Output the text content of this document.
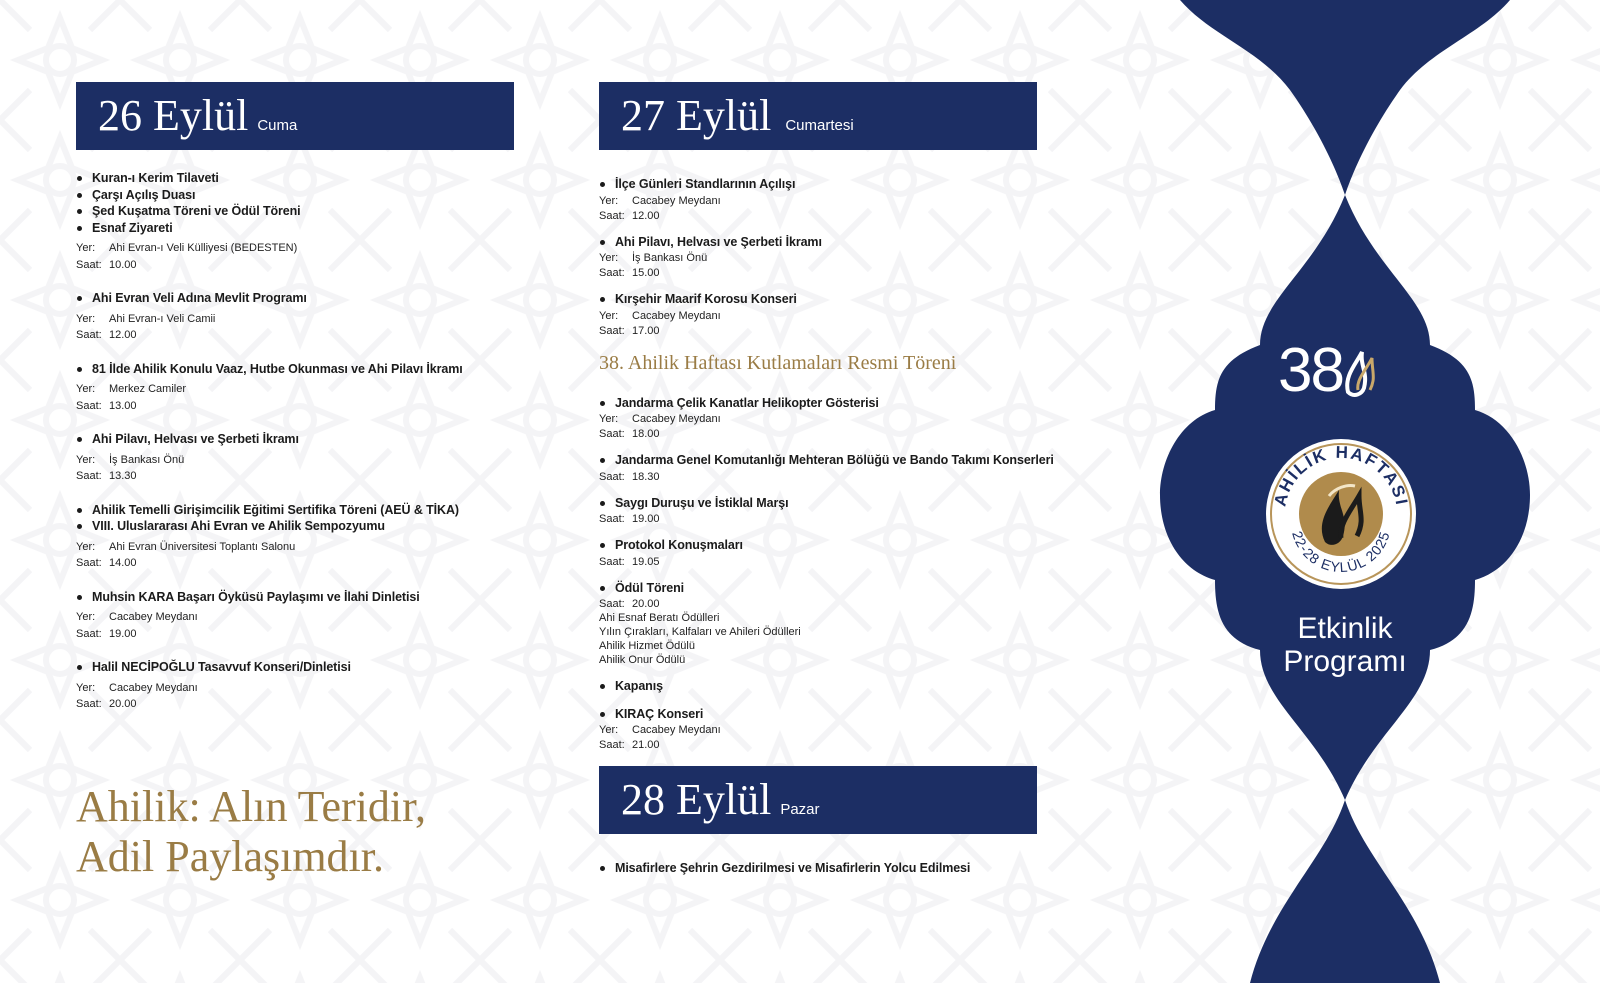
26 Eylül Cuma
Kuran-ı Kerim Tilaveti
Çarşı Açılış Duası
Şed Kuşatma Töreni ve Ödül Töreni
Esnaf Ziyareti
Yer: Ahi Evran-ı Veli Külliyesi (BEDESTEN)
Saat: 10.00
Ahi Evran Veli Adına Mevlit Programı
Yer: Ahi Evran-ı Veli Camii
Saat: 12.00
81 İlde Ahilik Konulu Vaaz, Hutbe Okunması ve Ahi Pilavı İkramı
Yer: Merkez Camiler
Saat: 13.00
Ahi Pilavı, Helvası ve Şerbeti İkramı
Yer: İş Bankası Önü
Saat: 13.30
Ahilik Temelli Girişimcilik Eğitimi Sertifika Töreni (AEÜ & TİKA)
VIII. Uluslararası Ahi Evran ve Ahilik Sempozyumu
Yer: Ahi Evran Üniversitesi Toplantı Salonu
Saat: 14.00
Muhsin KARA Başarı Öyküsü Paylaşımı ve İlahi Dinletisi
Yer: Cacabey Meydanı
Saat: 19.00
Halil NECİPOĞLU Tasavvuf Konseri/Dinletisi
Yer: Cacabey Meydanı
Saat: 20.00
Ahilik: Alın Teridir,
Adil Paylaşımdır.
27 Eylül Cumartesi
İlçe Günleri Standlarının Açılışı
Yer: Cacabey Meydanı
Saat: 12.00
Ahi Pilavı, Helvası ve Şerbeti İkramı
Yer: İş Bankası Önü
Saat: 15.00
Kırşehir Maarif Korosu Konseri
Yer: Cacabey Meydanı
Saat: 17.00
38. Ahilik Haftası Kutlamaları Resmi Töreni
Jandarma Çelik Kanatlar Helikopter Gösterisi
Yer: Cacabey Meydanı
Saat: 18.00
Jandarma Genel Komutanlığı Mehteran Bölüğü ve Bando Takımı Konserleri
Saat: 18.30
Saygı Duruşu ve İstiklal Marşı
Saat: 19.00
Protokol Konuşmaları
Saat: 19.05
Ödül Töreni
Saat: 20.00
Ahi Esnaf Beratı Ödülleri
Yılın Çırakları, Kalfaları ve Ahileri Ödülleri
Ahilik Hizmet Ödülü
Ahilik Onur Ödülü
Kapanış
KIRAÇ Konseri
Yer: Cacabey Meydanı
Saat: 21.00
28 Eylül Pazar
Misafirlere Şehrin Gezdirilmesi ve Misafirlerin Yolcu Edilmesi
38
AHİLİK HAFTASI
22-28 EYLÜL 2025
Etkinlik
Programı
